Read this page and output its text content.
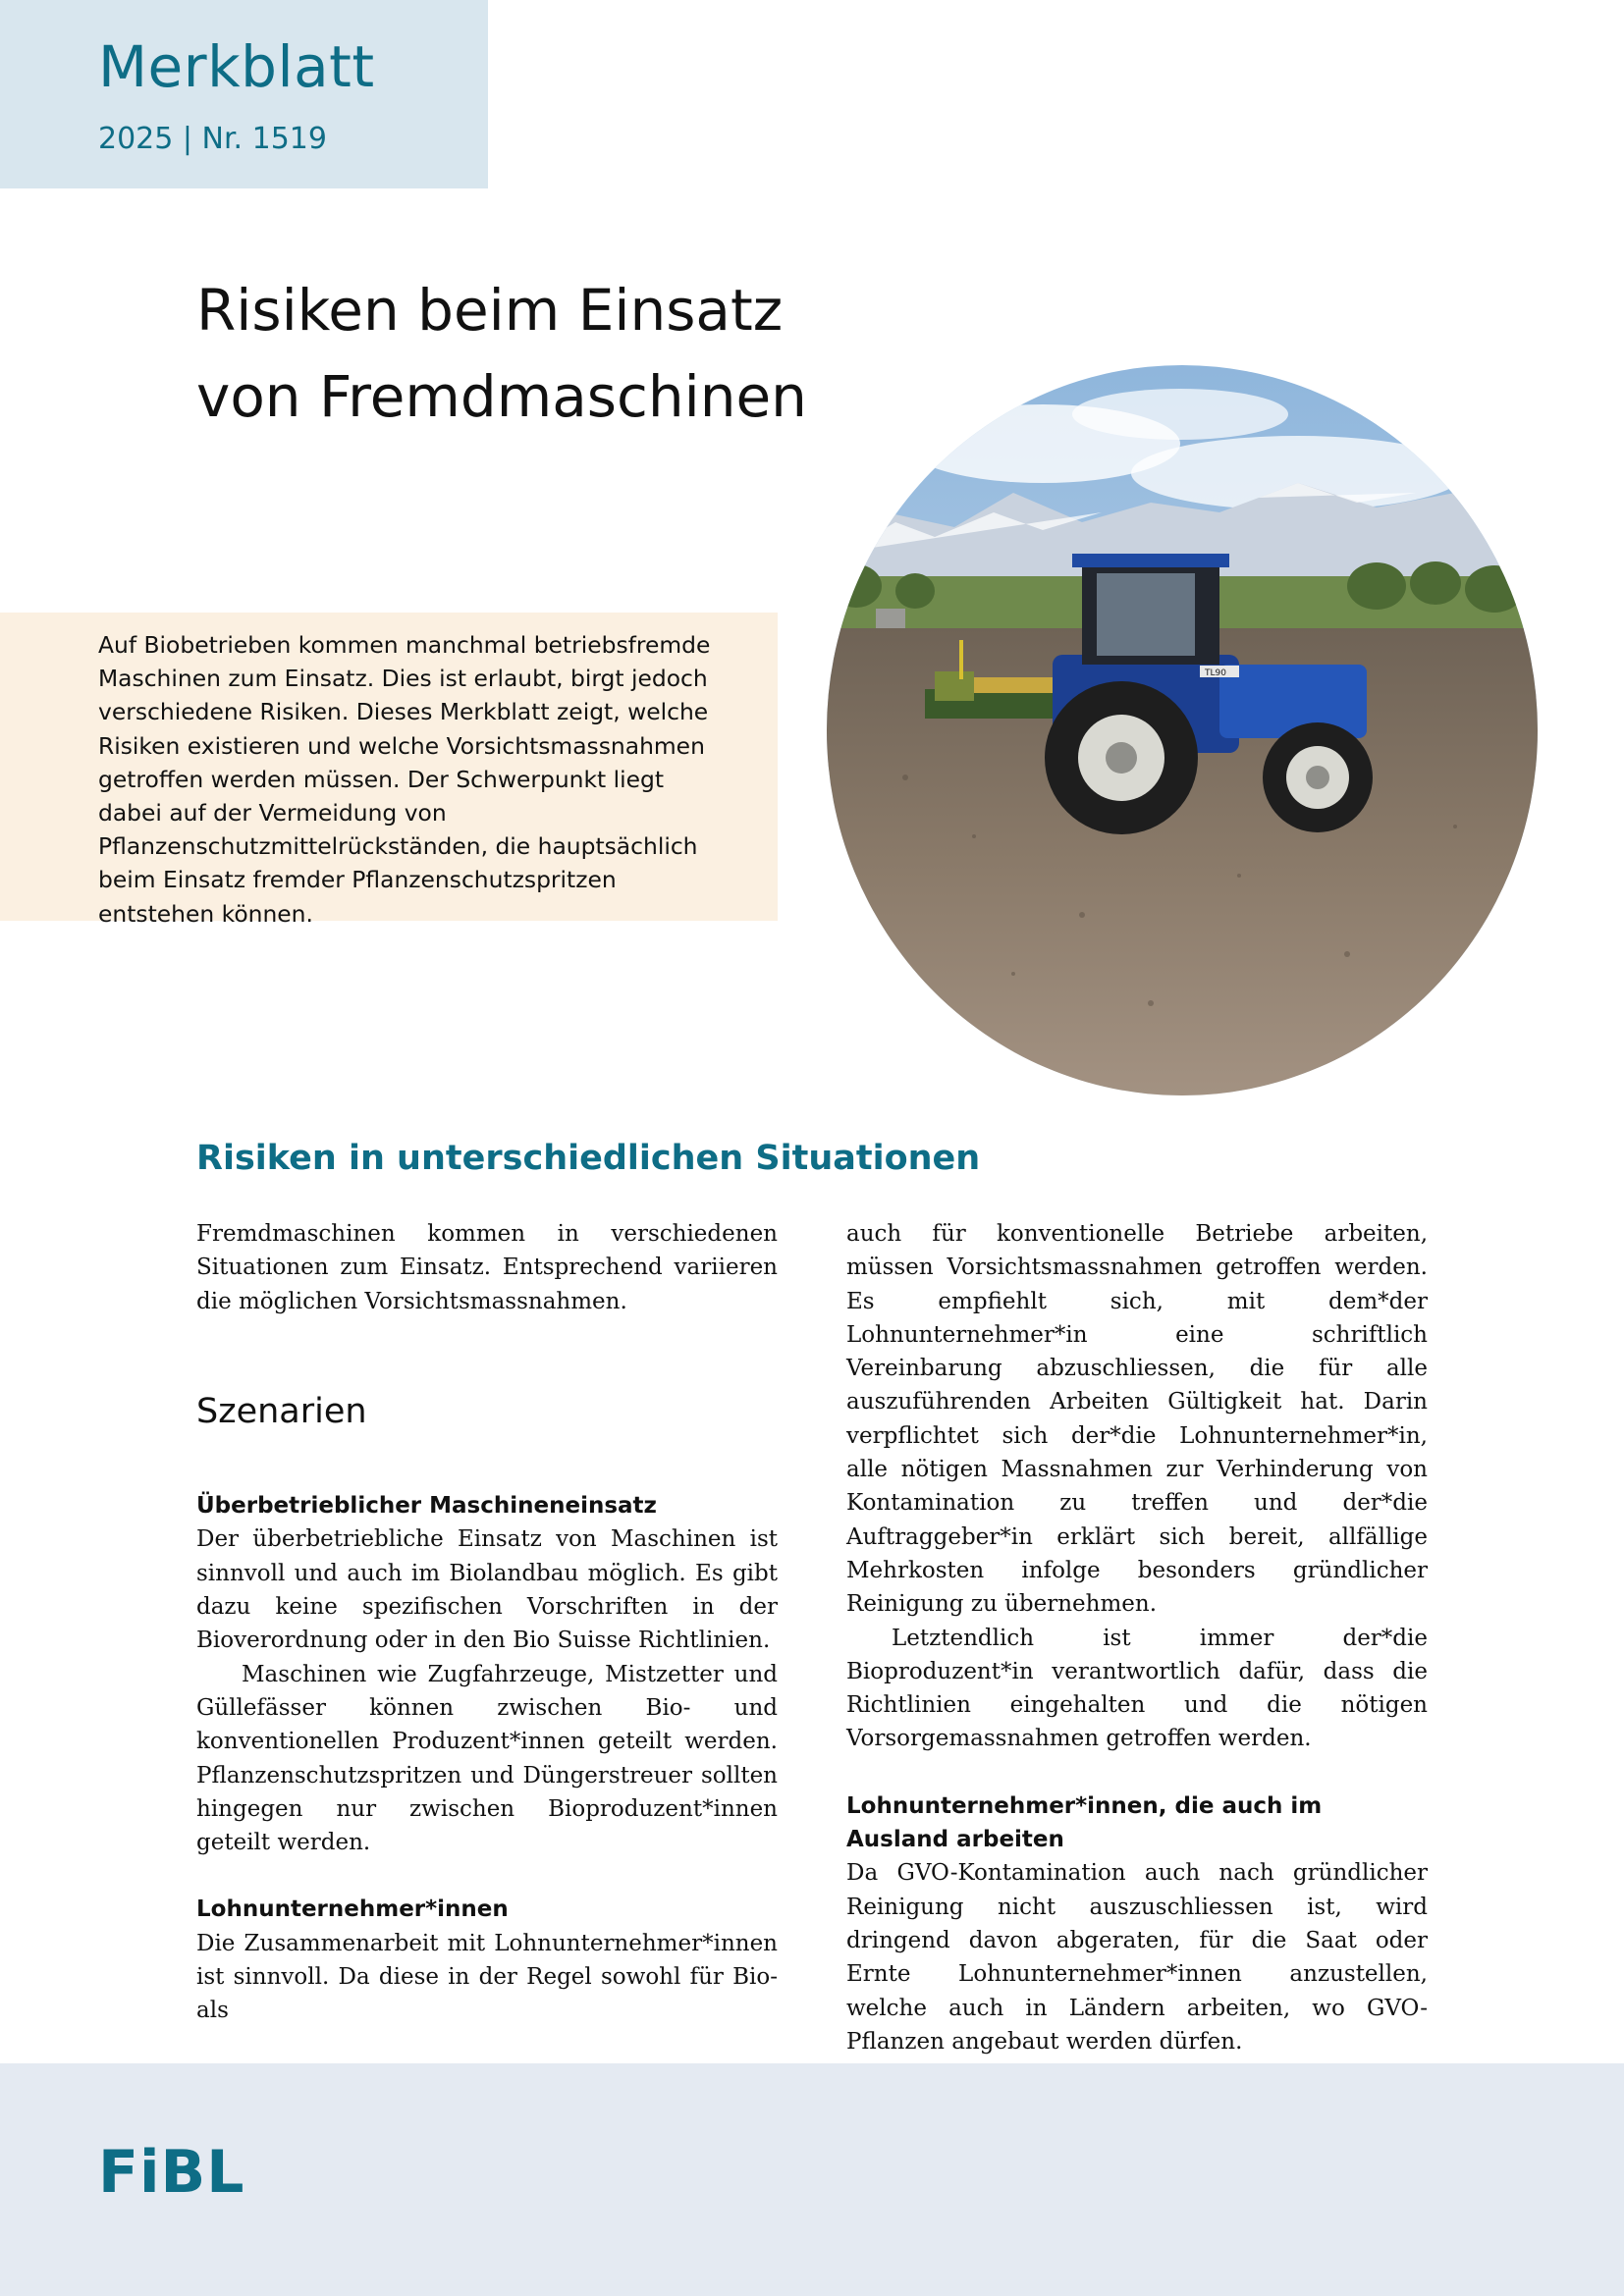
Merkblatt
2025 | Nr. 1519
Risiken beim Einsatz
von Fremdmaschinen
Auf Biobetrieben kommen manchmal betriebsfremde Maschinen zum Einsatz. Dies ist erlaubt, birgt jedoch verschiedene Risiken. Dieses Merkblatt zeigt, welche Risiken existieren und welche Vorsichtsmassnahmen getroffen werden müssen. Der Schwerpunkt liegt dabei auf der Vermeidung von Pflanzenschutzmittelrückständen, die hauptsächlich beim Einsatz fremder Pflanzenschutzspritzen entstehen können.
TL90
Risiken in unterschiedlichen Situationen

Fremdmaschinen kommen in verschiedenen Situationen zum Einsatz. Entsprechend variieren die möglichen Vorsichtsmassnahmen.

Szenarien
Überbetrieblicher Maschineneinsatz

Der überbetriebliche Einsatz von Maschinen ist sinnvoll und auch im Biolandbau möglich. Es gibt dazu keine spezifischen Vorschriften in der Bioverordnung oder in den Bio Suisse Richtlinien.

Maschinen wie Zugfahrzeuge, Mistzetter und Güllefässer können zwischen Bio- und konventionellen Produzent*innen geteilt werden. Pflanzenschutzspritzen und Düngerstreuer sollten hingegen nur zwischen Bioproduzent*innen geteilt werden.

Lohnunternehmer*innen

Die Zusammenarbeit mit Lohnunternehmer*innen ist sinnvoll. Da diese in der Regel sowohl für Bio- als

auch für konventionelle Betriebe arbeiten, müssen Vorsichtsmassnahmen getroffen werden. Es empfiehlt sich, mit dem*der Lohnunternehmer*in eine schriftlich Vereinbarung abzuschliessen, die für alle auszuführenden Arbeiten Gültigkeit hat. Darin verpflichtet sich der*die Lohnunternehmer*in, alle nötigen Massnahmen zur Verhinderung von Kontamination zu treffen und der*die Auftraggeber*in erklärt sich bereit, allfällige Mehrkosten infolge besonders gründlicher Reinigung zu übernehmen.

Letztendlich ist immer der*die Bioproduzent*in verantwortlich dafür, dass die Richtlinien eingehalten und die nötigen Vorsorgemassnahmen getroffen werden.

Lohnunternehmer*innen, die auch im Ausland arbeiten

Da GVO-Kontamination auch nach gründlicher Reinigung nicht auszuschliessen ist, wird dringend davon abgeraten, für die Saat oder Ernte Lohnunternehmer*innen anzustellen, welche auch in Ländern arbeiten, wo GVO-Pflanzen angebaut werden dürfen.

FiBL
